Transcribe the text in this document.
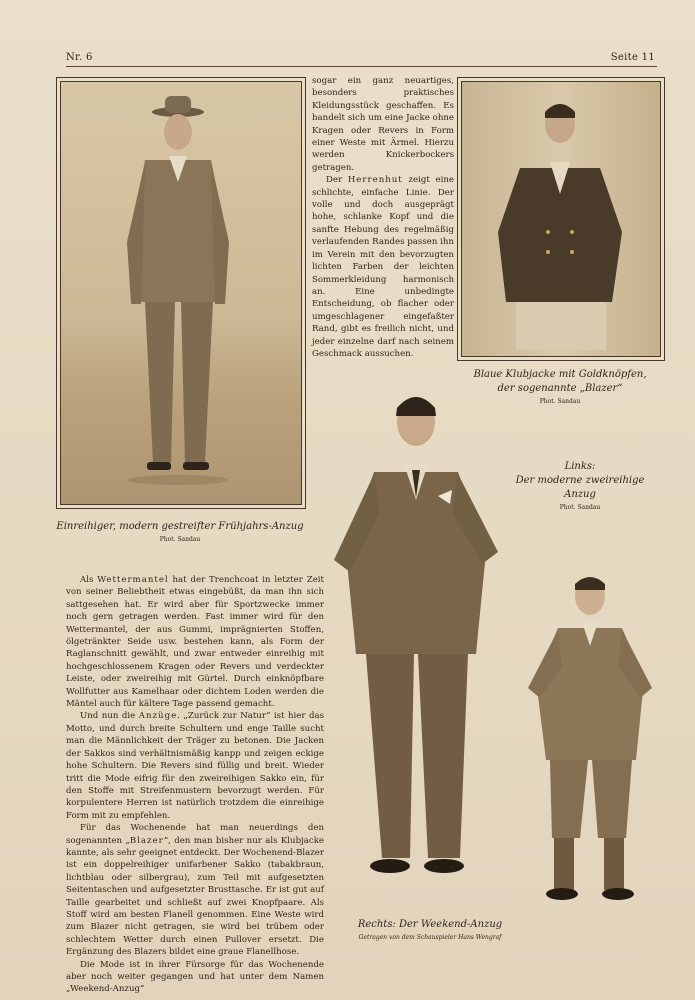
Nr. 6	Seite 11
Einreihiger, modern gestreifter Frühjahrs-Anzug
Phot. Sandau

sogar ein ganz neuartiges, besonders praktisches Kleidungsstück geschaffen. Es handelt sich um eine Jacke ohne Kragen oder Revers in Form einer Weste mit Ärmel. Hierzu werden Knickerbockers getragen.

Der Herrenhut zeigt eine schlichte, einfache Linie. Der volle und doch ausgeprägt hohe, schlanke Kopf und die sanfte Hebung des regelmäßig verlaufenden Randes passen ihn im Verein mit den bevorzugten lichten Farben der leichten Sommerkleidung harmonisch an. Eine unbedingte Entscheidung, ob flacher oder umgeschlagener eingefaßter Rand, gibt es freilich nicht, und jeder einzelne darf nach seinem Geschmack aussuchen.

Blaue Klubjacke mit Goldknöpfen,
der sogenannte „Blazer“
Phot. Sandau
Links:
Der moderne zweireihige Anzug
Phot. Sandau
Rechts: Der Weekend-Anzug
Getragen von dem Schauspieler Hans Wengraf

Als Wettermantel hat der Trenchcoat in letzter Zeit von seiner Beliebtheit etwas eingebüßt, da man ihn sich sattgesehen hat. Er wird aber für Sportzwecke immer noch gern getragen werden. Fast immer wird für den Wettermantel, der aus Gummi, imprägnierten Stoffen, ölgetränkter Seide usw. bestehen kann, als Form der Raglanschnitt gewählt, und zwar entweder einreihig mit hochgeschlossenem Kragen oder Revers und verdeckter Leiste, oder zweireihig mit Gürtel. Durch einknöpfbare Wollfutter aus Kamelhaar oder dichtem Loden werden die Mäntel auch für kältere Tage passend gemacht.

Und nun die Anzüge. „Zurück zur Natur“ ist hier das Motto, und durch breite Schultern und enge Taille sucht man die Männlichkeit der Träger zu betonen. Die Jacken der Sakkos sind verhältnismäßig kanpp und zeigen eckige hohe Schultern. Die Revers sind füllig und breit. Wieder tritt die Mode eifrig für den zweireihigen Sakko ein, für den Stoffe mit Streifenmustern bevorzugt werden. Für korpulentere Herren ist natürlich trotzdem die einreihige Form mit zu empfehlen.

Für das Wochenende hat man neuerdings den sogenannten „Blazer“, den man bisher nur als Klubjacke kannte, als sehr geeignet entdeckt. Der Wochenend-Blazer ist ein doppelreihiger unifarbener Sakko (tabakbraun, lichtblau oder silbergrau), zum Teil mit aufgesetzten Seitentaschen und aufgesetzter Brusttasche. Er ist gut auf Taille gearbeitet und schließt auf zwei Knopfpaare. Als Stoff wird am besten Flanell genommen. Eine Weste wird zum Blazer nicht getragen, sie wird bei trübem oder schlechtem Wetter durch einen Pullover ersetzt. Die Ergänzung des Blazers bildet eine graue Flanellhose.

Die Mode ist in ihrer Fürsorge für das Wochenende aber noch weiter gegangen und hat unter dem Namen „Weekend-Anzug“
